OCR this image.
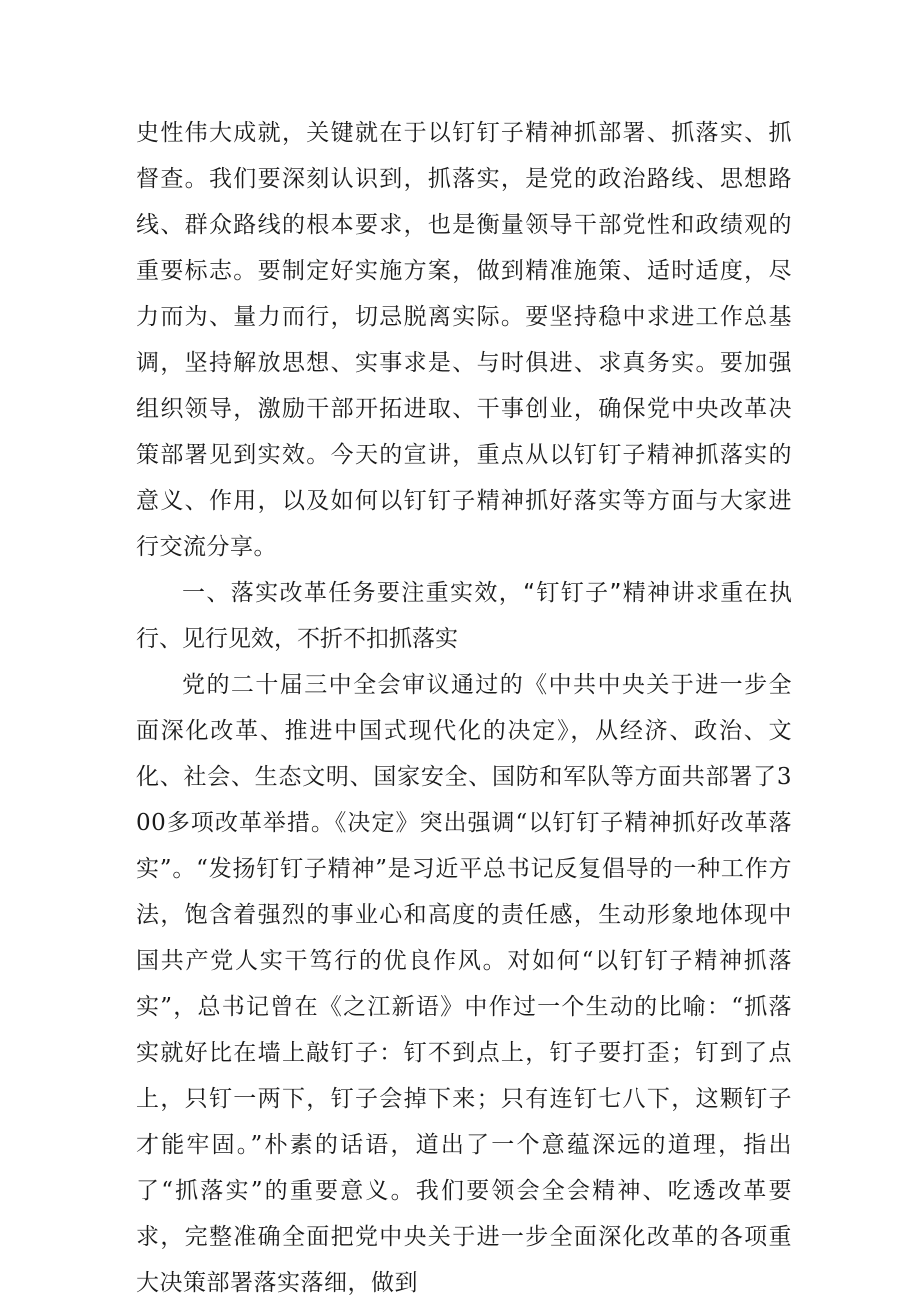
史性伟大成就，关键就在于以钉钉子精神抓部署、抓落实、抓督查。我们要深刻认识到，抓落实，是党的政治路线、思想路线、群众路线的根本要求，也是衡量领导干部党性和政绩观的重要标志。要制定好实施方案，做到精准施策、适时适度，尽力而为、量力而行，切忌脱离实际。要坚持稳中求进工作总基调，坚持解放思想、实事求是、与时俱进、求真务实。要加强组织领导，激励干部开拓进取、干事创业，确保党中央改革决策部署见到实效。今天的宣讲，重点从以钉钉子精神抓落实的意义、作用，以及如何以钉钉子精神抓好落实等方面与大家进行交流分享。

一、落实改革任务要注重实效，“钉钉子”精神讲求重在执行、见行见效，不折不扣抓落实

党的二十届三中全会审议通过的《中共中央关于进一步全面深化改革、推进中国式现代化的决定》，从经济、政治、文化、社会、生态文明、国家安全、国防和军队等方面共部署了300多项改革举措。《决定》突出强调“以钉钉子精神抓好改革落实”。“发扬钉钉子精神”是习近平总书记反复倡导的一种工作方法，饱含着强烈的事业心和高度的责任感，生动形象地体现中国共产党人实干笃行的优良作风。对如何“以钉钉子精神抓落实”，总书记曾在《之江新语》中作过一个生动的比喻：“抓落实就好比在墙上敲钉子：钉不到点上，钉子要打歪；钉到了点上，只钉一两下，钉子会掉下来；只有连钉七八下，这颗钉子才能牢固。”朴素的话语，道出了一个意蕴深远的道理，指出了“抓落实”的重要意义。我们要领会全会精神、吃透改革要求，完整准确全面把党中央关于进一步全面深化改革的各项重大决策部署落实落细，做到
